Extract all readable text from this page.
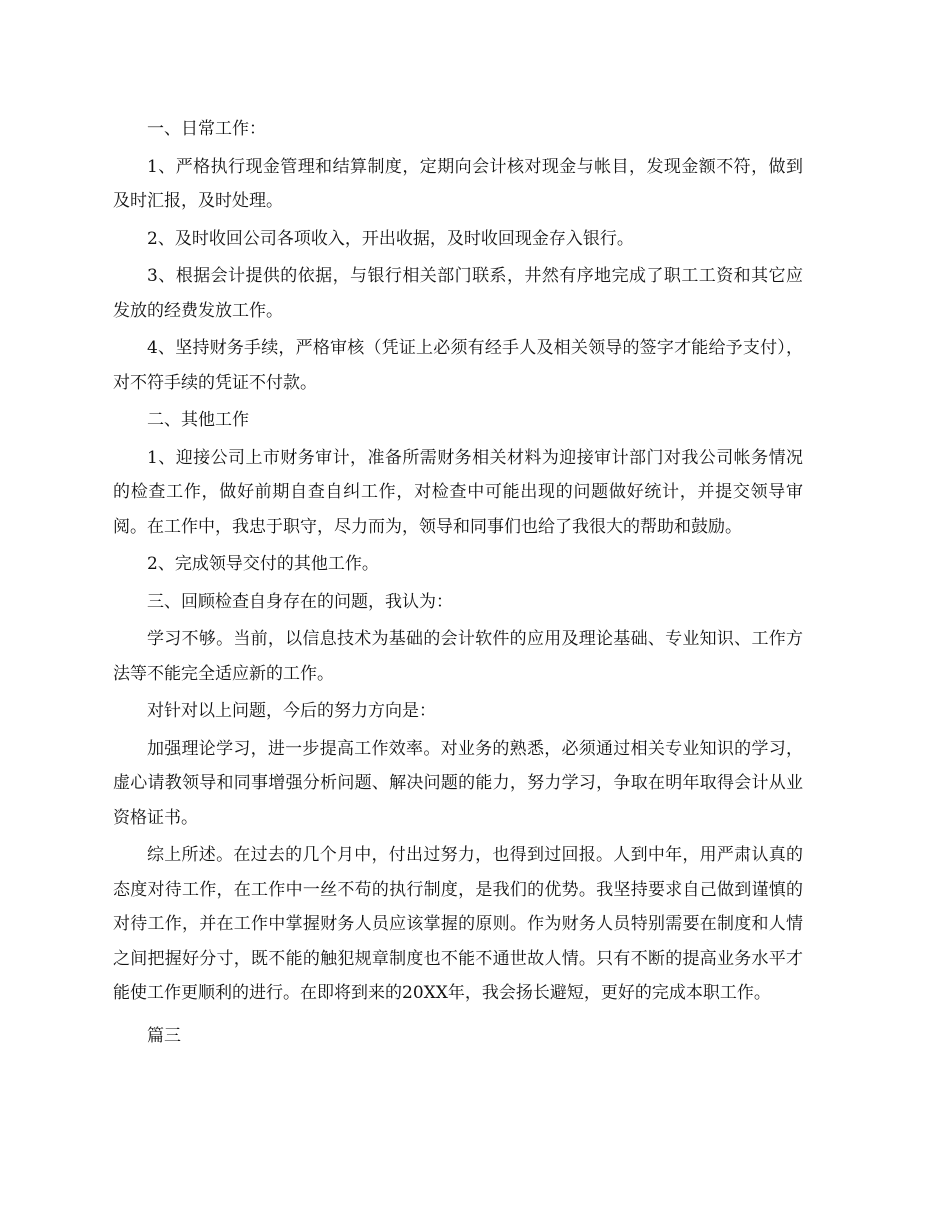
一、日常工作：

1、严格执行现金管理和结算制度，定期向会计核对现金与帐目，发现金额不符，做到及时汇报，及时处理。

2、及时收回公司各项收入，开出收据，及时收回现金存入银行。

3、根据会计提供的依据，与银行相关部门联系，井然有序地完成了职工工资和其它应发放的经费发放工作。

4、坚持财务手续，严格审核（凭证上必须有经手人及相关领导的签字才能给予支付），对不符手续的凭证不付款。

二、其他工作

1、迎接公司上市财务审计，准备所需财务相关材料为迎接审计部门对我公司帐务情况的检查工作，做好前期自查自纠工作，对检查中可能出现的问题做好统计，并提交领导审阅。在工作中，我忠于职守，尽力而为，领导和同事们也给了我很大的帮助和鼓励。

2、完成领导交付的其他工作。

三、回顾检查自身存在的问题，我认为：

学习不够。当前，以信息技术为基础的会计软件的应用及理论基础、专业知识、工作方法等不能完全适应新的工作。

对针对以上问题，今后的努力方向是：

加强理论学习，进一步提高工作效率。对业务的熟悉，必须通过相关专业知识的学习，虚心请教领导和同事增强分析问题、解决问题的能力，努力学习，争取在明年取得会计从业资格证书。

综上所述。在过去的几个月中，付出过努力，也得到过回报。人到中年，用严肃认真的态度对待工作，在工作中一丝不苟的执行制度，是我们的优势。我坚持要求自己做到谨慎的对待工作，并在工作中掌握财务人员应该掌握的原则。作为财务人员特别需要在制度和人情之间把握好分寸，既不能的触犯规章制度也不能不通世故人情。只有不断的提高业务水平才能使工作更顺利的进行。在即将到来的20XX年，我会扬长避短，更好的完成本职工作。

篇三
